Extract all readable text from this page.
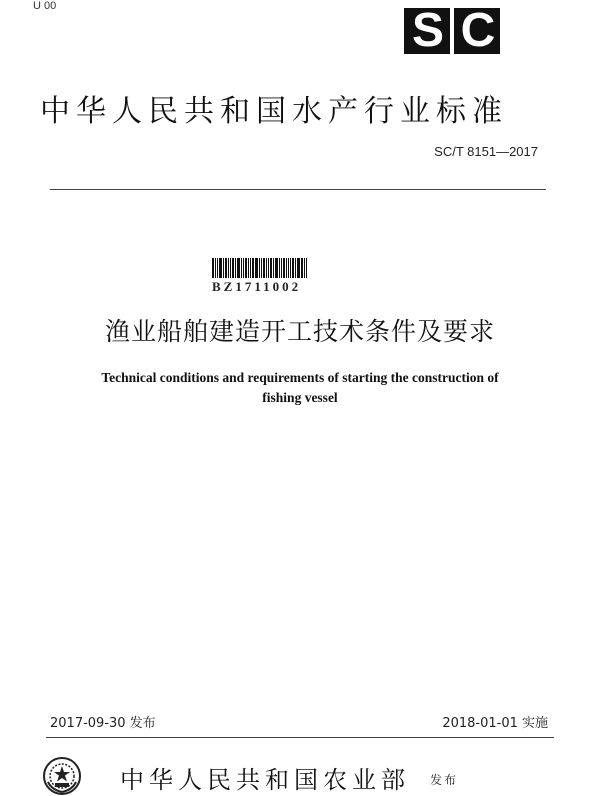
U 00	S C
中华人民共和国水产行业标准
SC/T 8151—2017
BZ1711002
渔业船舶建造开工技术条件及要求
Technical conditions and requirements of starting the construction of
fishing vessel
2017-09-30 发布	2018-01-01 实施
中华人民共和国农业部 发布
